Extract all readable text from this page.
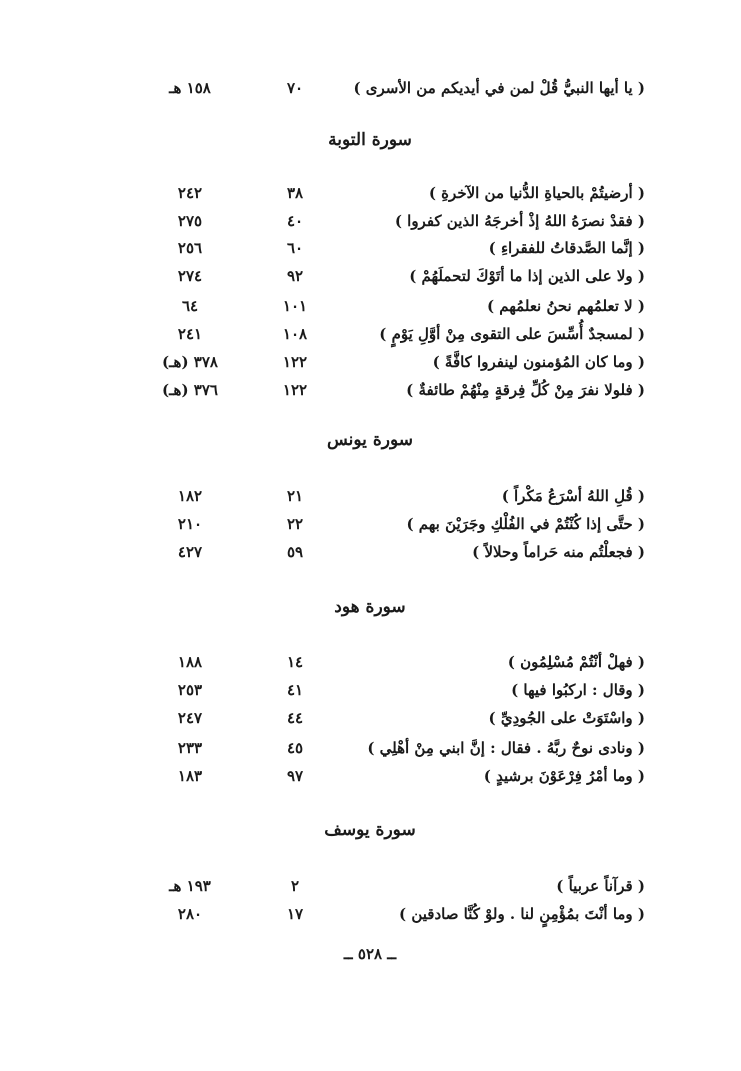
( يا أيها النبيُّ قُلْ لمن في أيديكم من الأسرى )
٧٠
١٥٨ هـ
سورة التوبة
( أرضيتُمْ بالحياةِ الدُّنيا من الآخرةِ )
٣٨
٢٤٢
( فقدْ نصرَهُ اللهُ إذْ أخرجَهُ الذين كفروا )
٤٠
٢٧٥
( إنَّما الصَّدقاتُ للفقراءِ )
٦٠
٢٥٦
( ولا على الذين إذا ما أتَوْكَ لتحملَهُمْ )
٩٢
٢٧٤
( لا تعلمُهم نحنُ نعلمُهم )
١٠١
٦٤
( لمسجدٌ أُسِّسَ على التقوى مِنْ أوَّلِ يَوْمٍ )
١٠٨
٢٤١
( وما كان المُؤمنون لينفروا كافَّةً )
١٢٢
٣٧٨ (هـ)
( فلولا نفرَ مِنْ كُلِّ فِرقةٍ مِنْهُمْ طائفةٌ )
١٢٢
٣٧٦ (هـ)
سورة يونس
( قُلِ اللهُ أسْرَعُ مَكْراً )
٢١
١٨٢
( حتَّى إذا كُنْتُمْ في الفُلْكِ وجَرَيْنَ بهم )
٢٢
٢١٠
( فجعلْتُم منه حَراماً وحلالاً )
٥٩
٤٢٧
سورة هود
( فهلْ أنْتُمْ مُسْلِمُون )
١٤
١٨٨
( وقال : اركبُوا فيها )
٤١
٢٥٣
( واسْتَوَتْ على الجُودِيِّ )
٤٤
٢٤٧
( ونادى نوحٌ ربَّهُ . فقال : إنَّ ابني مِنْ أهْلِي )
٤٥
٢٣٣
( وما أمْرُ فِرْعَوْنَ برشيدٍ )
٩٧
١٨٣
سورة يوسف
( قرآناً عربياً )
٢
١٩٣ هـ
( وما أنْتَ بمُؤْمِنٍ لنا . ولوْ كُنَّا صادقين )
١٧
٢٨٠
ــ ٥٢٨ ــ
